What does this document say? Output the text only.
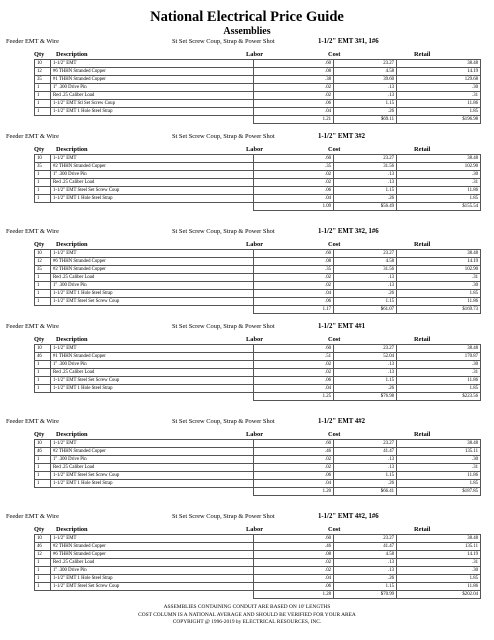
National Electrical Price Guide
Assemblies
Feeder EMT & Wire	St Set Screw Coup, Strap & Power Shot	1-1/2" EMT 3#1, 1#6
Qty Description	Labor	Cost	Retail
10	1-1/2" EMT	.60	23.27	38.48
12	#6 THHN Stranded Copper	.08	4.58	14.19
35	#1 THHN Stranded Copper	.38	39.60	129.68
1	1" .300 Drive Pin	.02	.13	.30
1	Red .25 Caliber Load	.02	.13	.31
1	1-1/2" EMT Stl Set Screw Coup	.06	1.15	11.86
1	1-1/2" EMT 1 Hole Steel Strap	.04	.26	1.85
		1.21	$69.11	$196.98
Feeder EMT & Wire	St Set Screw Coup, Strap & Power Shot	1-1/2" EMT 3#2
Qty Description	Labor	Cost	Retail
10	1-1/2" EMT	.60	23.27	38.48
35	#2 THHN Stranded Copper	.35	31.56	102.90
1	1" .300 Drive Pin	.02	.13	.30
1	Red .25 Caliber Load	.02	.13	.31
1	1-1/2" EMT Steel Set Screw Coup	.06	1.15	11.86
1	1-1/2" EMT 1 Hole Steel Strap	.04	.26	1.85
		1.09	$56.49	$155.54
Feeder EMT & Wire	St Set Screw Coup, Strap & Power Shot	1-1/2" EMT 3#2, 1#6
Qty Description	Labor	Cost	Retail
10	1-1/2" EMT	.60	23.27	38.48
12	#6 THHN Stranded Copper	.08	4.58	14.19
35	#2 THHN Stranded Copper	.35	31.56	102.90
1	Red .25 Caliber Load	.02	.13	.31
1	1" .300 Drive Pin	.02	.13	.30
1	1-1/2" EMT 1 Hole Steel Strap	.04	.26	1.85
1	1-1/2" EMT Steel Set Screw Coup	.06	1.15	11.86
		1.17	$61.07	$169.73
Feeder EMT & Wire	St Set Screw Coup, Strap & Power Shot	1-1/2" EMT 4#1
Qty Description	Labor	Cost	Retail
10	1-1/2" EMT	.60	23.27	38.48
46	#1 THHN Stranded Copper	.51	52.04	170.87
1	1" .300 Drive Pin	.02	.13	.30
1	Red .25 Caliber Load	.02	.13	.31
1	1-1/2" EMT Steel Set Screw Coup	.06	1.15	11.86
1	1-1/2" EMT 1 Hole Steel Strap	.04	.26	1.85
		1.25	$76.98	$223.56
Feeder EMT & Wire	St Set Screw Coup, Strap & Power Shot	1-1/2" EMT 4#2
Qty Description	Labor	Cost	Retail
10	1-1/2" EMT	.60	23.27	38.48
46	#2 THHN Stranded Copper	.46	41.47	135.11
1	1" .300 Drive Pin	.02	.13	.30
1	Red .25 Caliber Load	.02	.13	.31
1	1-1/2" EMT Steel Set Screw Coup	.06	1.15	11.86
1	1-1/2" EMT 1 Hole Steel Strap	.04	.26	1.85
		1.20	$66.41	$187.85
Feeder EMT & Wire	St Set Screw Coup, Strap & Power Shot	1-1/2" EMT 4#2, 1#6
Qty Description	Labor	Cost	Retail
10	1-1/2" EMT	.60	23.27	38.48
46	#2 THHN Stranded Copper	.46	41.47	135.11
12	#6 THHN Stranded Copper	.08	4.58	14.19
1	Red .25 Caliber Load	.02	.13	.31
1	1" .300 Drive Pin	.02	.13	.30
1	1-1/2" EMT 1 Hole Steel Strap	.04	.26	1.85
1	1-1/2" EMT Steel Set Screw Coup	.06	1.15	11.86
		1.28	$70.99	$202.04
ASSEMBLIES CONTAINING CONDUIT ARE BASED ON 10' LENGTHS
COST COLUMN IS A NATIONAL AVERAGE AND SHOULD BE VERIFIED FOR YOUR AREA
COPYRIGHT @ 1996-2019 by ELECTRICAL RESOURCES, INC.
